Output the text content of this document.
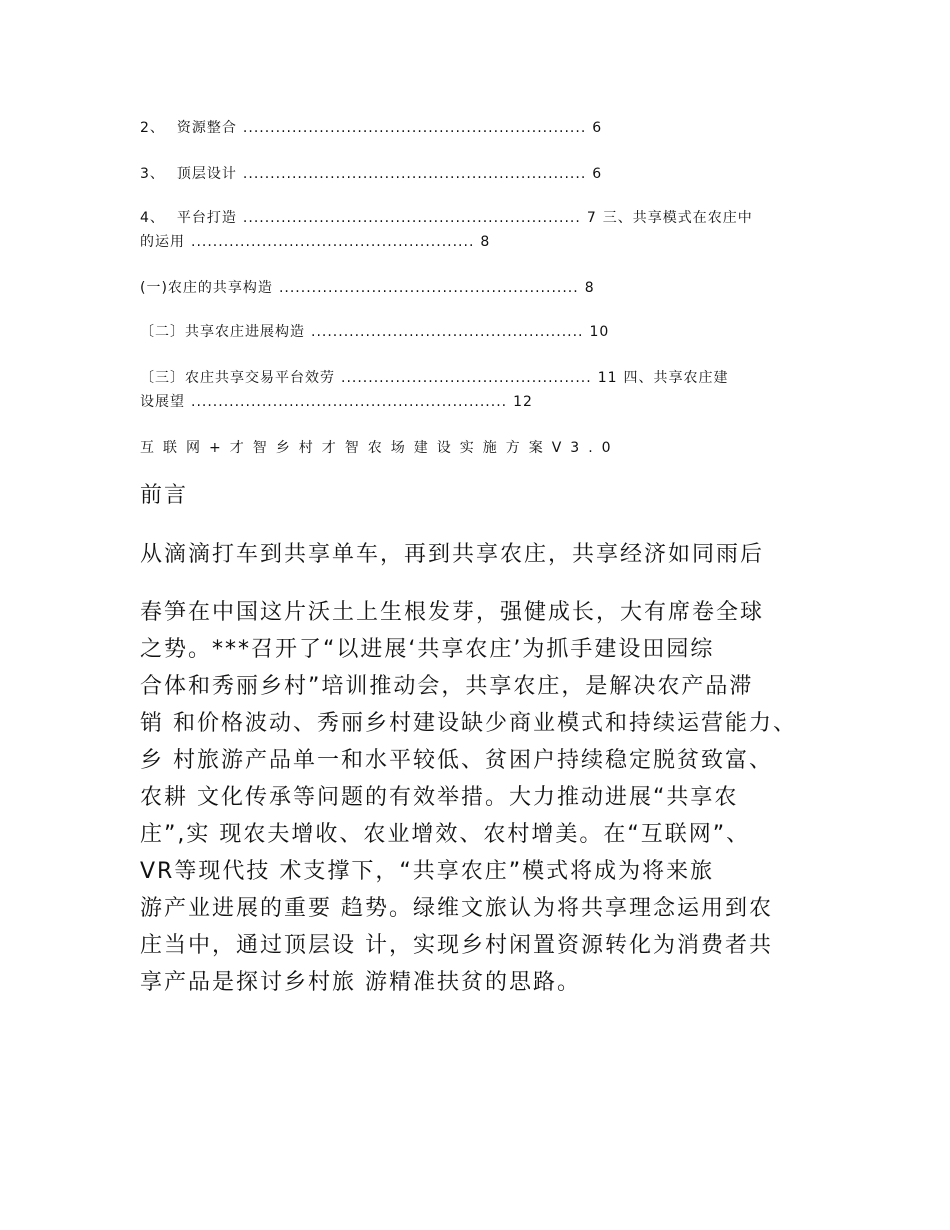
2、 资源整合 ............................................................... 6
3、 顶层设计 ............................................................... 6
4、 平台打造 .............................................................. 7 三、共享模式在农庄中
的运用 .................................................... 8
(一)农庄的共享构造 ....................................................... 8
〔二〕共享农庄进展构造 .................................................. 10
〔三〕农庄共享交易平台效劳 .............................................. 11 四、共享农庄建
设展望 .......................................................... 12
互联网+才智乡村才智农场建设实施方案V3.0
前言
从滴滴打车到共享单车，再到共享农庄，共享经济如同雨后
春笋在中国这片沃土上生根发芽，强健成长，大有席卷全球
之势。***召开了“以进展‘共享农庄’为抓手建设田园综
合体和秀丽乡村”培训推动会，共享农庄，是解决农产品滞
销 和价格波动、秀丽乡村建设缺少商业模式和持续运营能力、
乡 村旅游产品单一和水平较低、贫困户持续稳定脱贫致富、
农耕 文化传承等问题的有效举措。大力推动进展“共享农
庄”,实 现农夫增收、农业增效、农村增美。在“互联网”、
VR等现代技 术支撑下，“共享农庄”模式将成为将来旅
游产业进展的重要 趋势。绿维文旅认为将共享理念运用到农
庄当中，通过顶层设 计，实现乡村闲置资源转化为消费者共
享产品是探讨乡村旅 游精准扶贫的思路。
